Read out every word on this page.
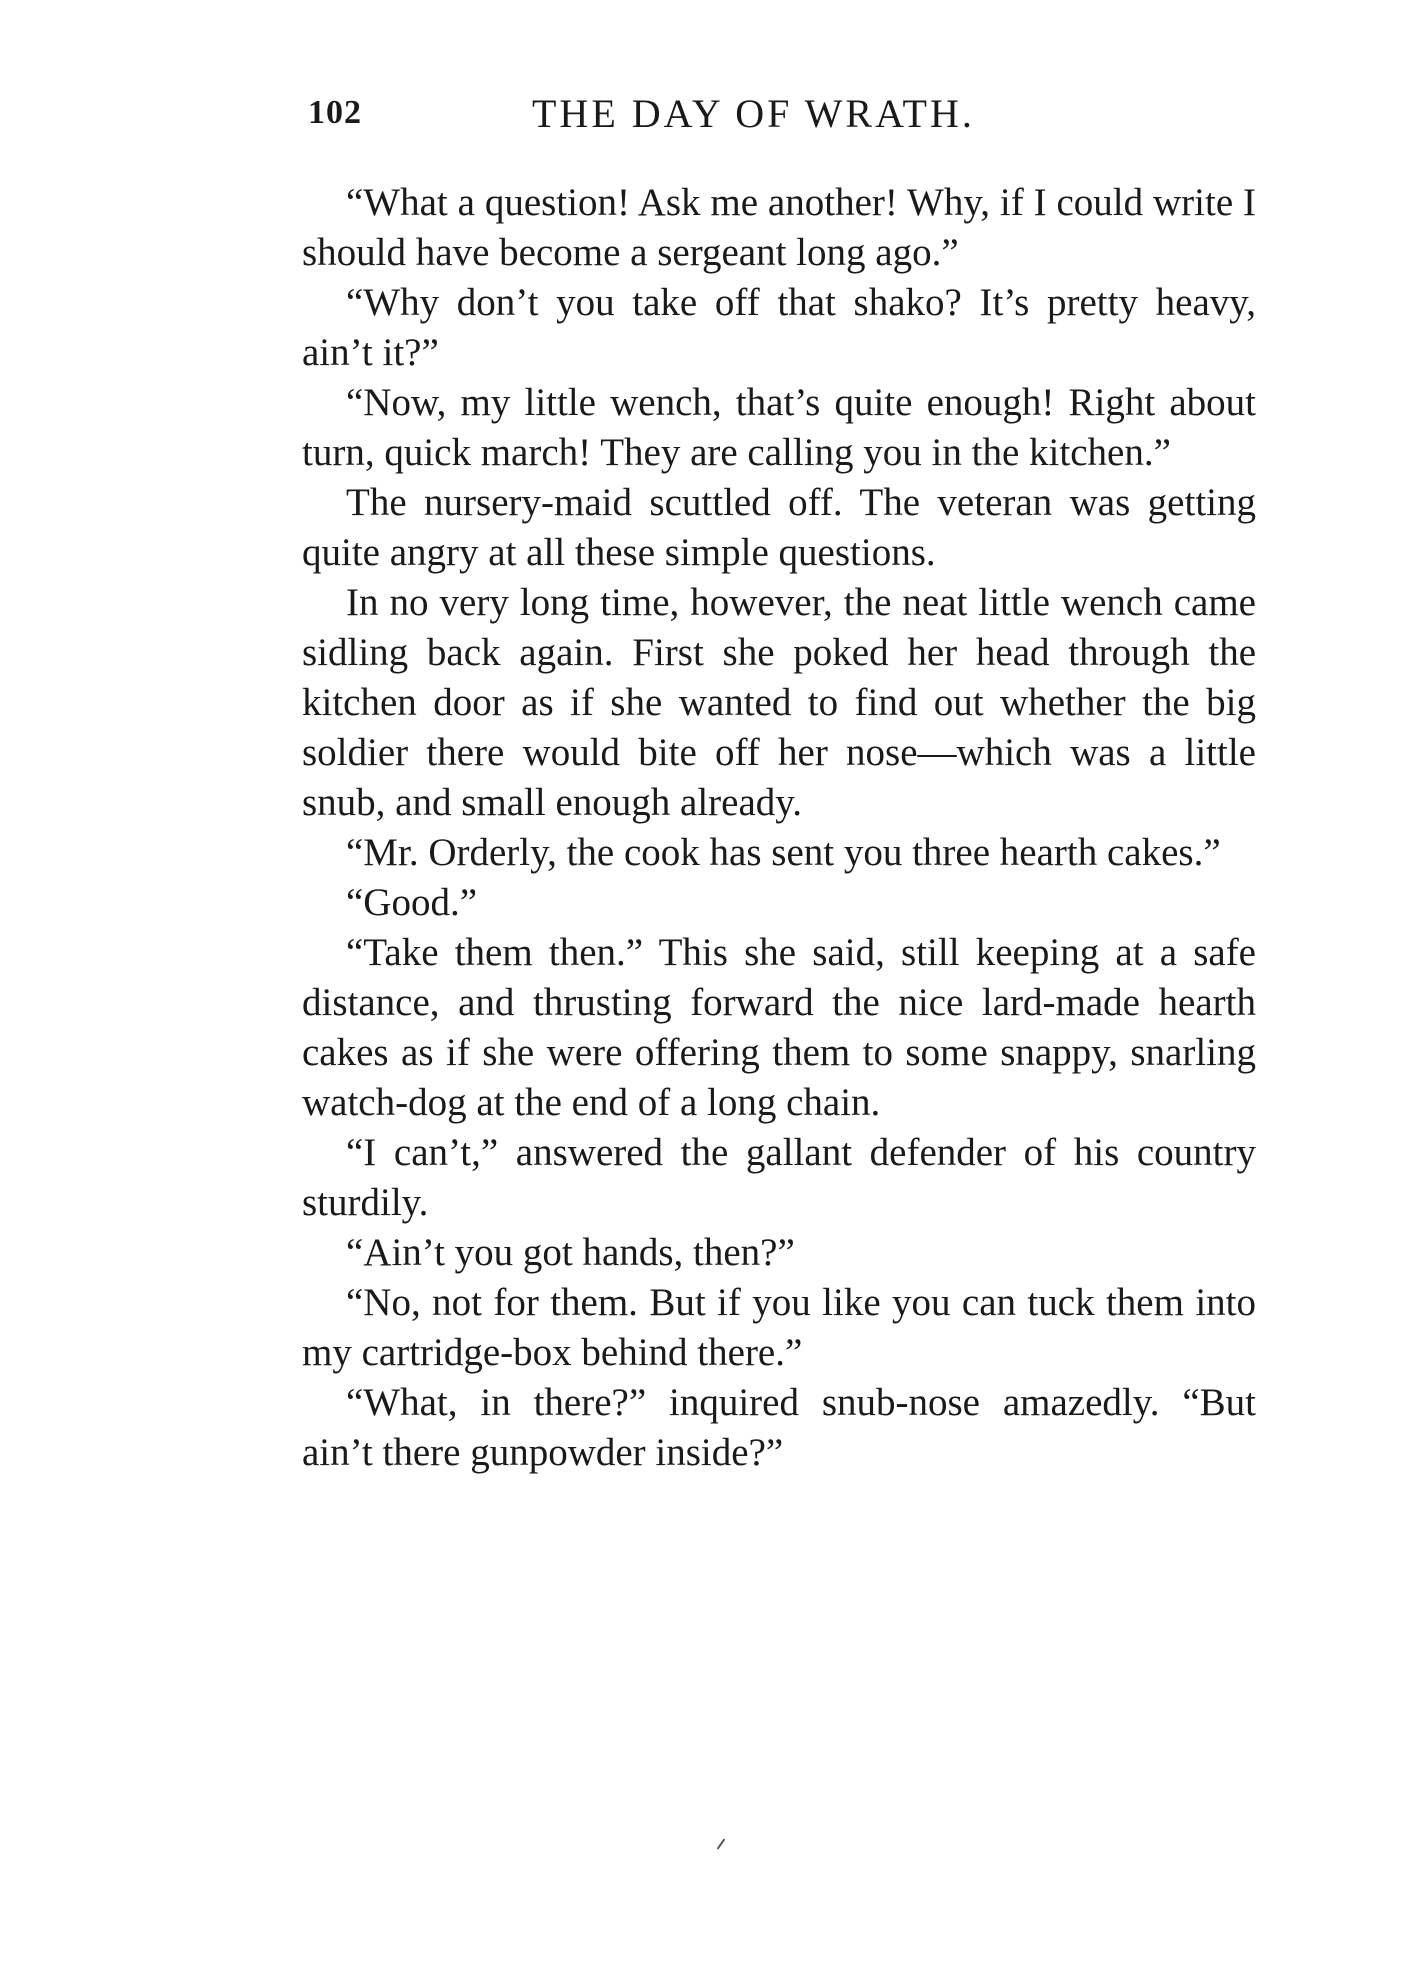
102	THE DAY OF WRATH.

“What a question! Ask me another! Why, if I could write I should have become a sergeant long ago.”

“Why don’t you take off that shako? It’s pretty heavy, ain’t it?”

“Now, my little wench, that’s quite enough! Right about turn, quick march! They are calling you in the kitchen.”

The nursery-maid scuttled off. The veteran was getting quite angry at all these simple questions.

In no very long time, however, the neat little wench came sidling back again. First she poked her head through the kitchen door as if she wanted to find out whether the big soldier there would bite off her nose—which was a little snub, and small enough already.

“Mr. Orderly, the cook has sent you three hearth cakes.”

“Good.”

“Take them then.” This she said, still keeping at a safe distance, and thrusting forward the nice lard-made hearth cakes as if she were offering them to some snappy, snarling watch-dog at the end of a long chain.

“I can’t,” answered the gallant defender of his country sturdily.

“Ain’t you got hands, then?”

“No, not for them. But if you like you can tuck them into my cartridge-box behind there.”

“What, in there?” inquired snub-nose amazedly. “But ain’t there gunpowder inside?”
